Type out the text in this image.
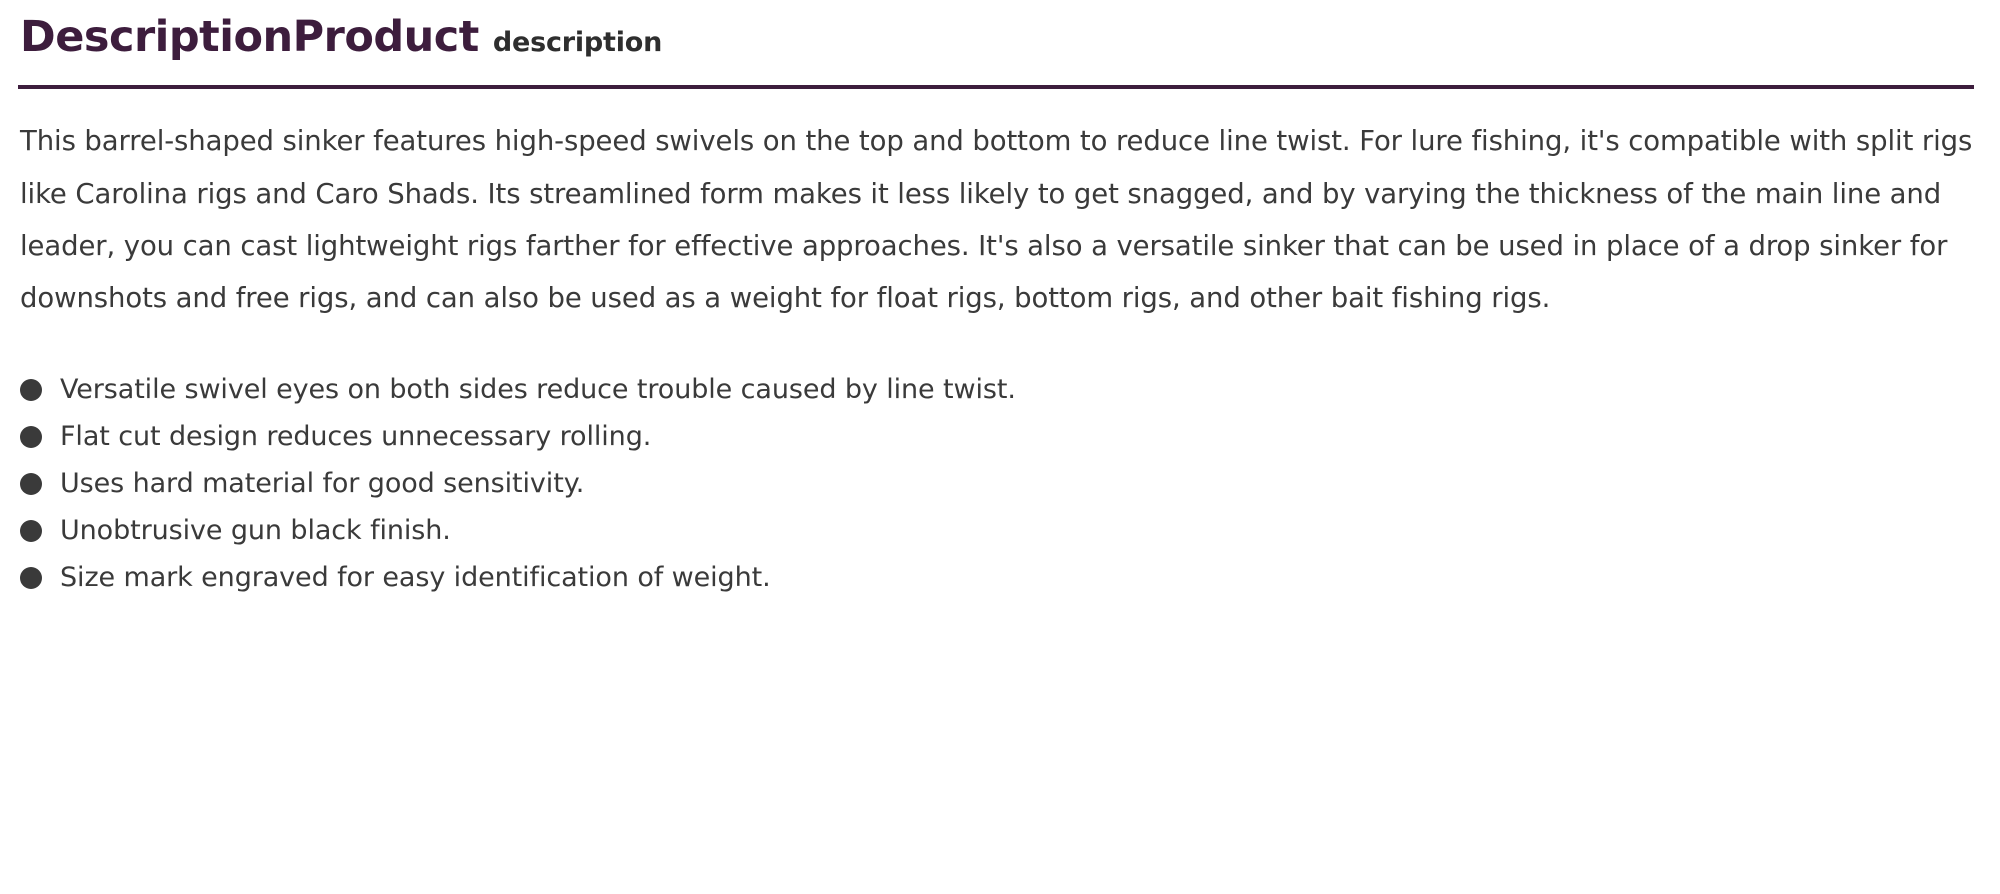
DescriptionProduct description

This barrel-shaped sinker features high-speed swivels on the top and bottom to reduce line twist. For lure fishing, it's compatible with split rigs like Carolina rigs and Caro Shads. Its streamlined form makes it less likely to get snagged, and by varying the thickness of the main line and leader, you can cast lightweight rigs farther for effective approaches. It's also a versatile sinker that can be used in place of a drop sinker for downshots and free rigs, and can also be used as a weight for float rigs, bottom rigs, and other bait fishing rigs.

Versatile swivel eyes on both sides reduce trouble caused by line twist.
Flat cut design reduces unnecessary rolling.
Uses hard material for good sensitivity.
Unobtrusive gun black finish.
Size mark engraved for easy identification of weight.
